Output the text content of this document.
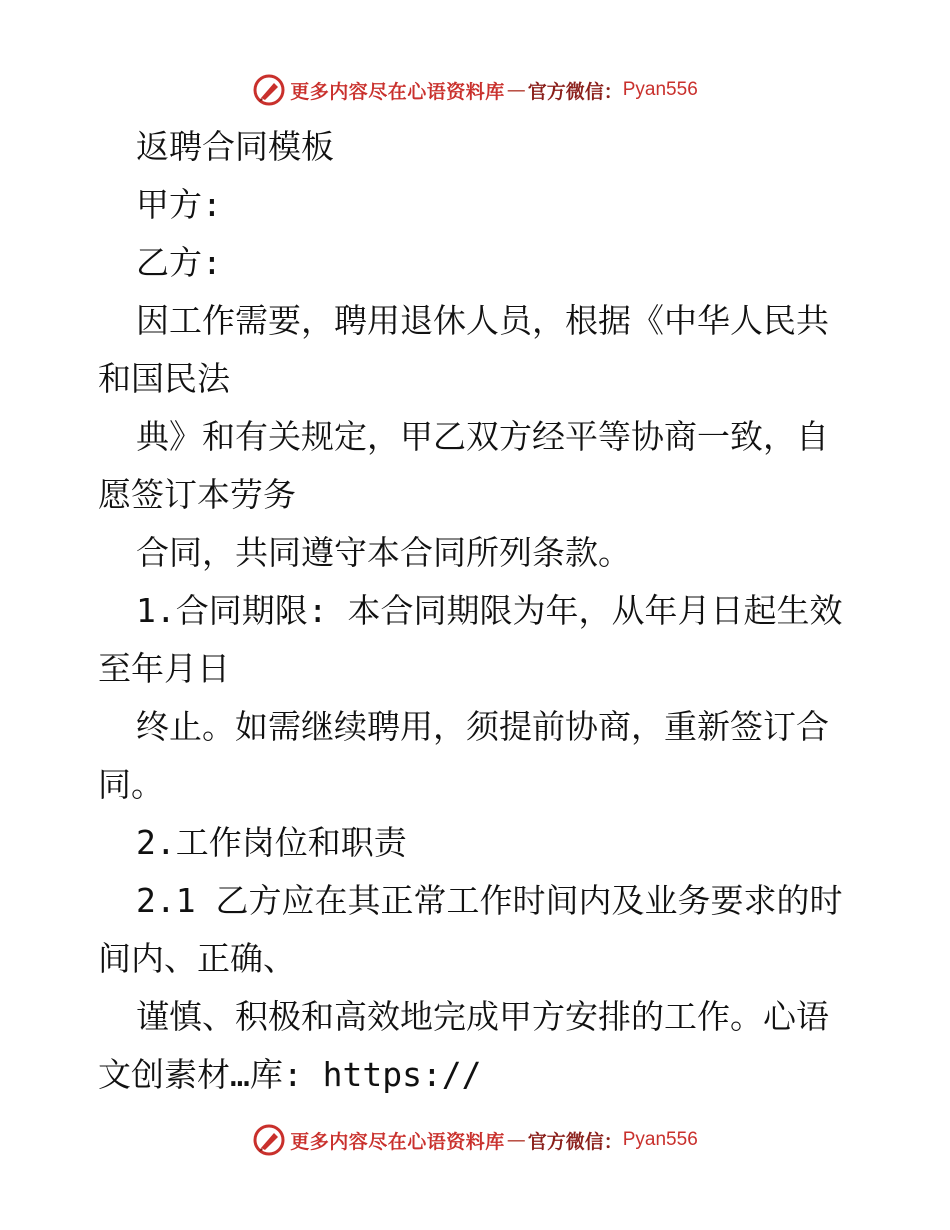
更多内容尽在心语资料库 — 官方微信： Pyan556
返聘合同模板
甲方:
乙方:
因工作需要，聘用退休人员，根据《中华人民共
和国民法
典》和有关规定，甲乙双方经平等协商一致，自
愿签订本劳务
合同，共同遵守本合同所列条款。
1.合同期限: 本合同期限为年，从年月日起生效
至年月日
终止。如需继续聘用，须提前协商，重新签订合
同。
2.工作岗位和职责
2.1 乙方应在其正常工作时间内及业务要求的时
间内、正确、
谨慎、积极和高效地完成甲方安排的工作。心语
文创素材…库: https://
更多内容尽在心语资料库 — 官方微信： Pyan556
